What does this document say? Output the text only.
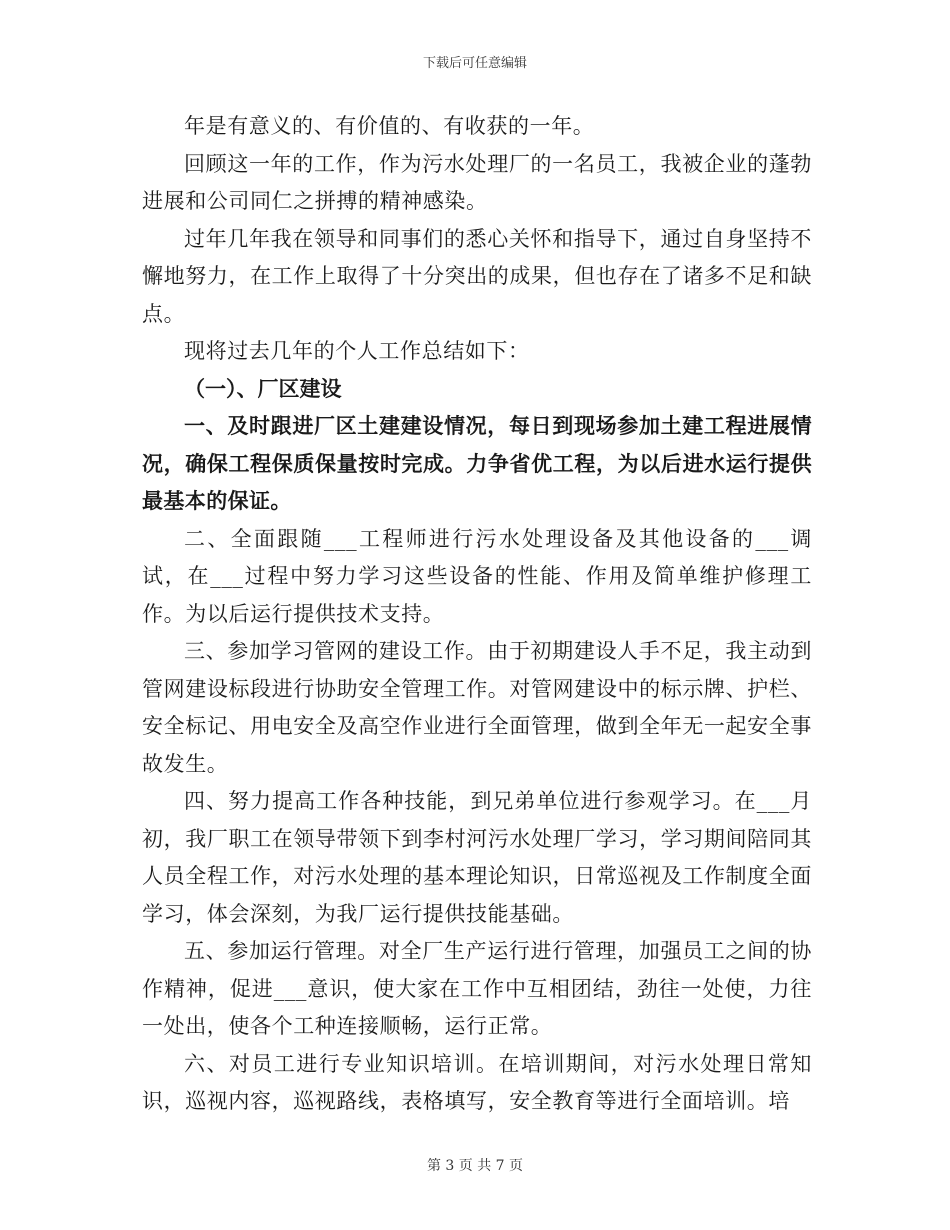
下载后可任意编辑

年是有意义的、有价值的、有收获的一年。

回顾这一年的工作，作为污水处理厂的一名员工，我被企业的蓬勃进展和公司同仁之拼搏的精神感染。

过年几年我在领导和同事们的悉心关怀和指导下，通过自身坚持不懈地努力，在工作上取得了十分突出的成果，但也存在了诸多不足和缺点。

现将过去几年的个人工作总结如下：

（一）、厂区建设

一、及时跟进厂区土建建设情况，每日到现场参加土建工程进展情况，确保工程保质保量按时完成。力争省优工程，为以后进水运行提供最基本的保证。

二、全面跟随___工程师进行污水处理设备及其他设备的___调试，在___过程中努力学习这些设备的性能、作用及简单维护修理工作。为以后运行提供技术支持。

三、参加学习管网的建设工作。由于初期建设人手不足，我主动到管网建设标段进行协助安全管理工作。对管网建设中的标示牌、护栏、安全标记、用电安全及高空作业进行全面管理，做到全年无一起安全事故发生。

四、努力提高工作各种技能，到兄弟单位进行参观学习。在___月初，我厂职工在领导带领下到李村河污水处理厂学习，学习期间陪同其人员全程工作，对污水处理的基本理论知识，日常巡视及工作制度全面学习，体会深刻，为我厂运行提供技能基础。

五、参加运行管理。对全厂生产运行进行管理，加强员工之间的协作精神，促进___意识，使大家在工作中互相团结，劲往一处使，力往一处出，使各个工种连接顺畅，运行正常。

六、对员工进行专业知识培训。在培训期间，对污水处理日常知识，巡视内容，巡视路线，表格填写，安全教育等进行全面培训。培

第 3 页 共 7 页
